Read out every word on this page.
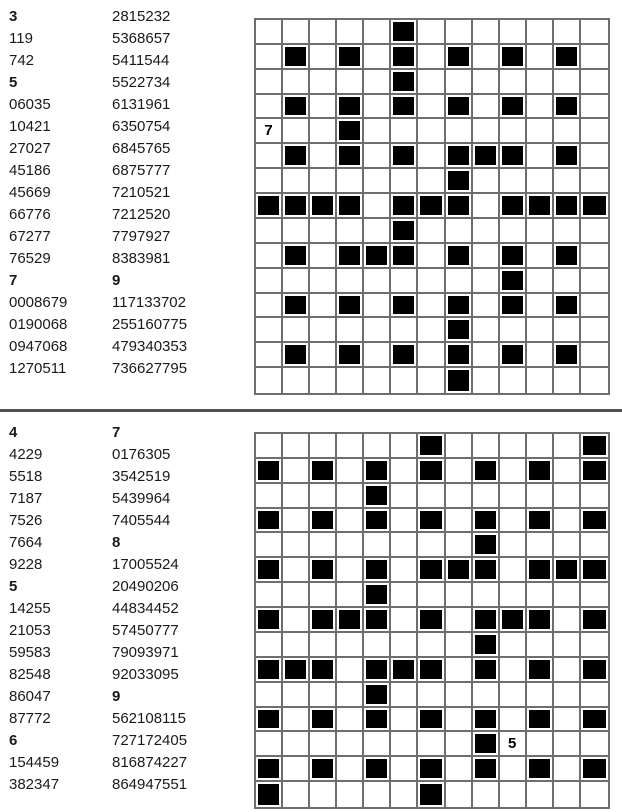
3	2815232
119	5368657
742	5411544
5	5522734
06035	6131961
10421	6350754
27027	6845765
45186	6875777
45669	7210521
66776	7212520
67277	7797927
76529	8383981
7	9
0008679	117133702
0190068	255160775
0947068	479340353
1270511	736627795
7
4	7
4229	0176305
5518	3542519
7187	5439964
7526	7405544
7664	8
9228	17005524
5	20490206
14255	44834452
21053	57450777
59583	79093971
82548	92033095
86047	9
87772	562108115
6	727172405
154459	816874227
382347	864947551
5
